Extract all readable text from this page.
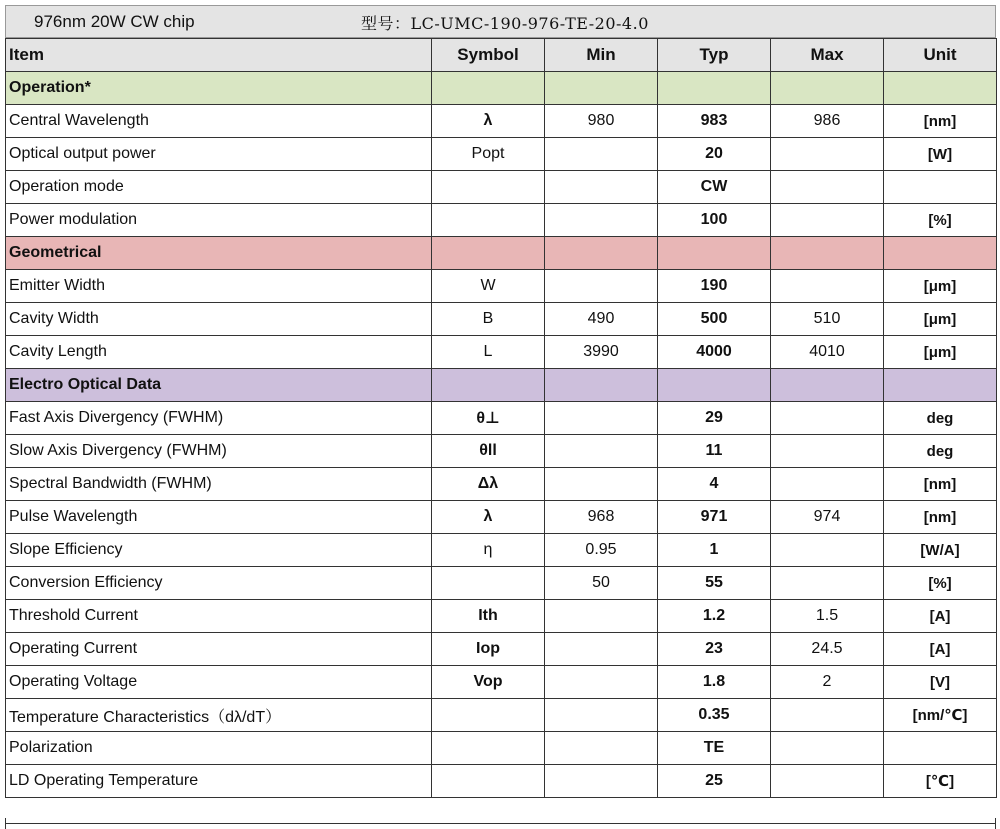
976nm 20W CW chip	型号：LC-UMC-190-976-TE-20-4.0
Item	Symbol	Min	Typ	Max	Unit
Operation*					
Central Wavelength	λ	980	983	986	[nm]
Optical output power	Popt		20		[W]
Operation mode			CW		
Power modulation			100		[%]
Geometrical					
Emitter Width	W		190		[μm]
Cavity Width	B	490	500	510	[μm]
Cavity Length	L	3990	4000	4010	[μm]
Electro Optical Data					
Fast Axis Divergency (FWHM)	θ⊥		29		deg
Slow Axis Divergency (FWHM)	θll		11		deg
Spectral Bandwidth (FWHM)	Δλ		4		[nm]
Pulse Wavelength	λ	968	971	974	[nm]
Slope Efficiency	η	0.95	1		[W/A]
Conversion Efficiency		50	55		[%]
Threshold Current	Ith		1.2	1.5	[A]
Operating Current	Iop		23	24.5	[A]
Operating Voltage	Vop		1.8	2	[V]
Temperature Characteristics（dλ/dT）			0.35		[nm/℃]
Polarization			TE		
LD Operating Temperature			25		[℃]
